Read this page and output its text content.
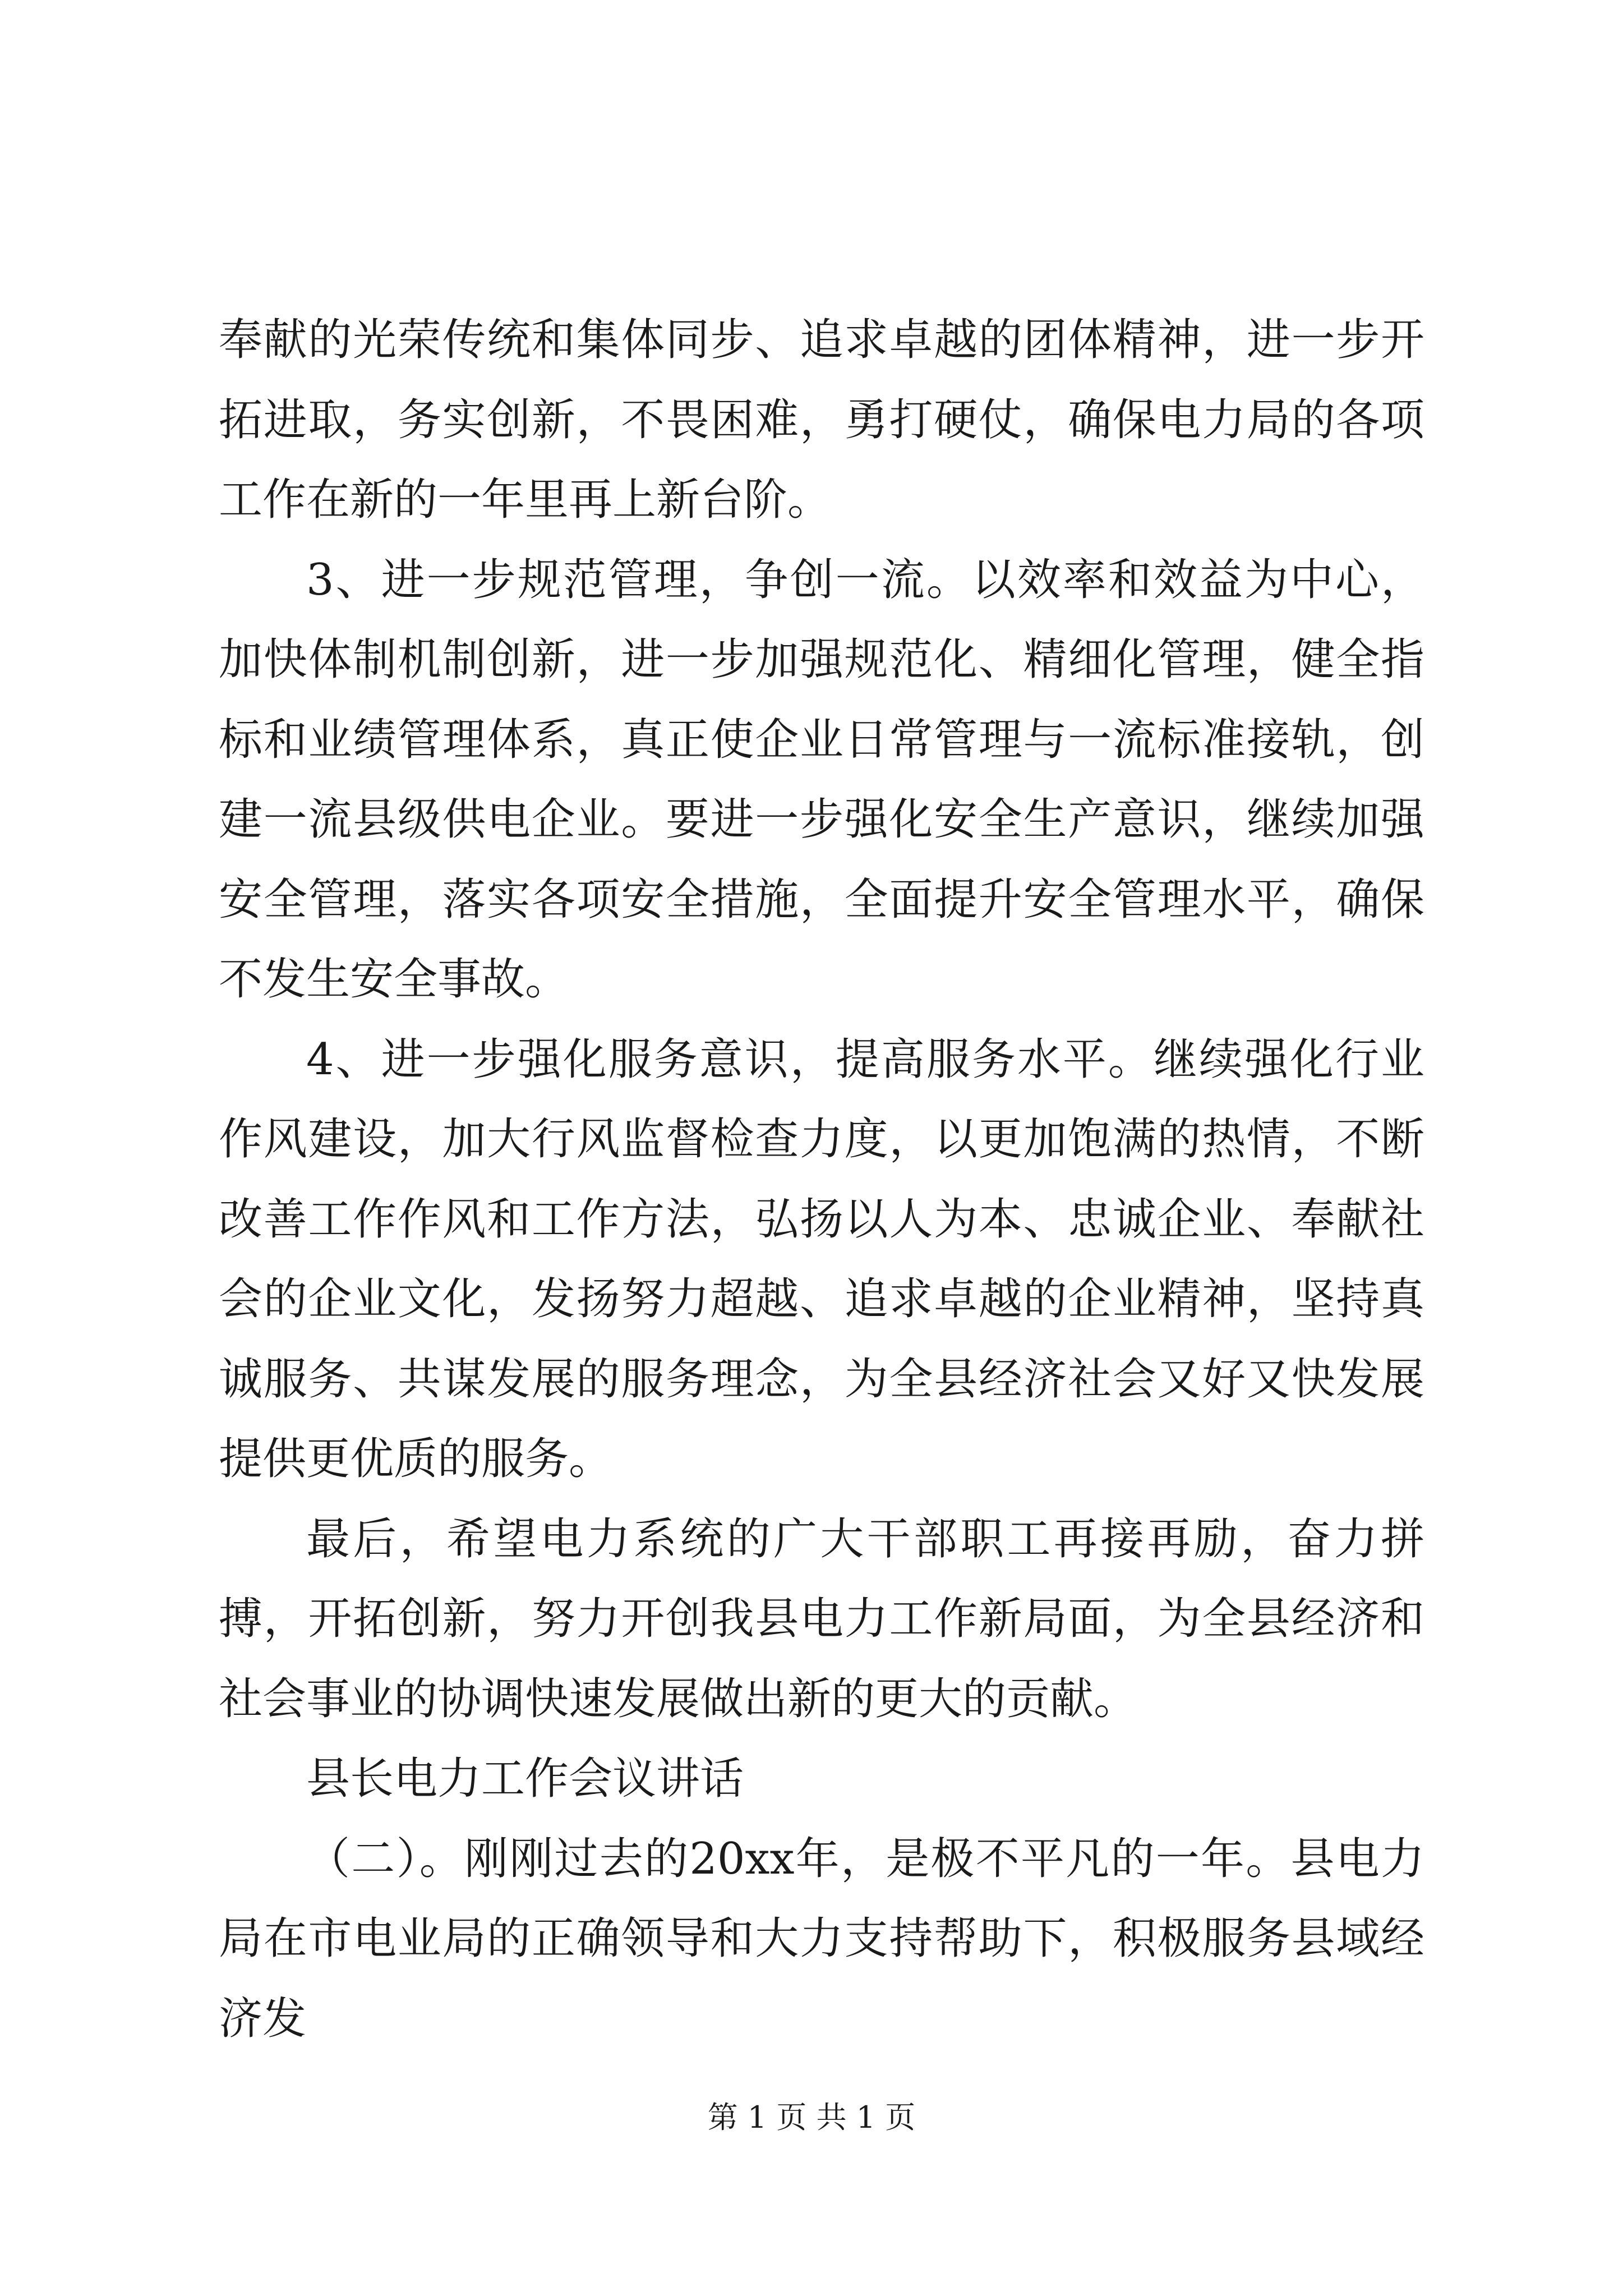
奉献的光荣传统和集体同步、追求卓越的团体精神，进一步开拓进取，务实创新，不畏困难，勇打硬仗，确保电力局的各项工作在新的一年里再上新台阶。

3、进一步规范管理，争创一流。以效率和效益为中心，加快体制机制创新，进一步加强规范化、精细化管理，健全指标和业绩管理体系，真正使企业日常管理与一流标准接轨，创建一流县级供电企业。要进一步强化安全生产意识，继续加强安全管理，落实各项安全措施，全面提升安全管理水平，确保不发生安全事故。

4、进一步强化服务意识，提高服务水平。继续强化行业作风建设，加大行风监督检查力度，以更加饱满的热情，不断改善工作作风和工作方法，弘扬以人为本、忠诚企业、奉献社会的企业文化，发扬努力超越、追求卓越的企业精神，坚持真诚服务、共谋发展的服务理念，为全县经济社会又好又快发展提供更优质的服务。

最后，希望电力系统的广大干部职工再接再励，奋力拼搏，开拓创新，努力开创我县电力工作新局面，为全县经济和社会事业的协调快速发展做出新的更大的贡献。

县长电力工作会议讲话

（二）。刚刚过去的20xx年，是极不平凡的一年。县电力局在市电业局的正确领导和大力支持帮助下，积极服务县域经济发

第 1 页 共 1 页
